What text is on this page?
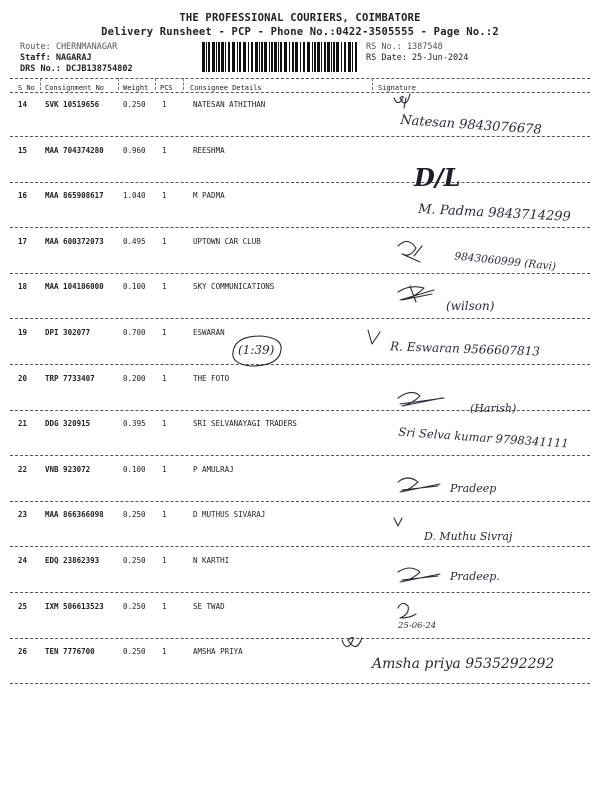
THE PROFESSIONAL COURIERS, COIMBATORE
Delivery Runsheet - PCP - Phone No.:0422-3505555 - Page No.:2
Route: CHERNMANAGAR
Staff: NAGARAJ
DRS No.: DCJB138754802
RS No.: 1387548
RS Date: 25-Jun-2024
S No Consignment No	Weight PCS Consignee Details	Signature
14 SVK 10519656	0.250 1	NATESAN ATHITHAN
15 MAA 704374280	0.960 1	REESHMA
16 MAA 865908617	1.040 1	M PADMA
17 MAA 600372073	0.495 1	UPTOWN CAR CLUB
18 MAA 104106000	0.100 1	SKY COMMUNICATIONS
19 DPI 302077	0.700 1	ESWARAN
20 TRP 7733407	0.200 1	THE FOTO
21 DDG 320915	0.395 1	SRI SELVANAYAGI TRADERS
22 VNB 923072	0.100 1	P AMULRAJ
23 MAA 866366098	0.250 1	D MUTHUS SIVARAJ
24 EDQ 23862393	0.250 1	N KARTHI
25 IXM 506613523	0.250 1	SE TWAD
26 TEN 7776700	0.250 1	AMSHA PRIYA
Natesan 9843076678
D/L
M. Padma 9843714299
9843060999 (Ravi)
(wilson)
(1:39)	R. Eswaran 9566607813
(Harish)
Sri Selva kumar 9798341111
Pradeep
D. Muthu Sivraj
Pradeep.
25-06-24
Amsha priya 9535292292
